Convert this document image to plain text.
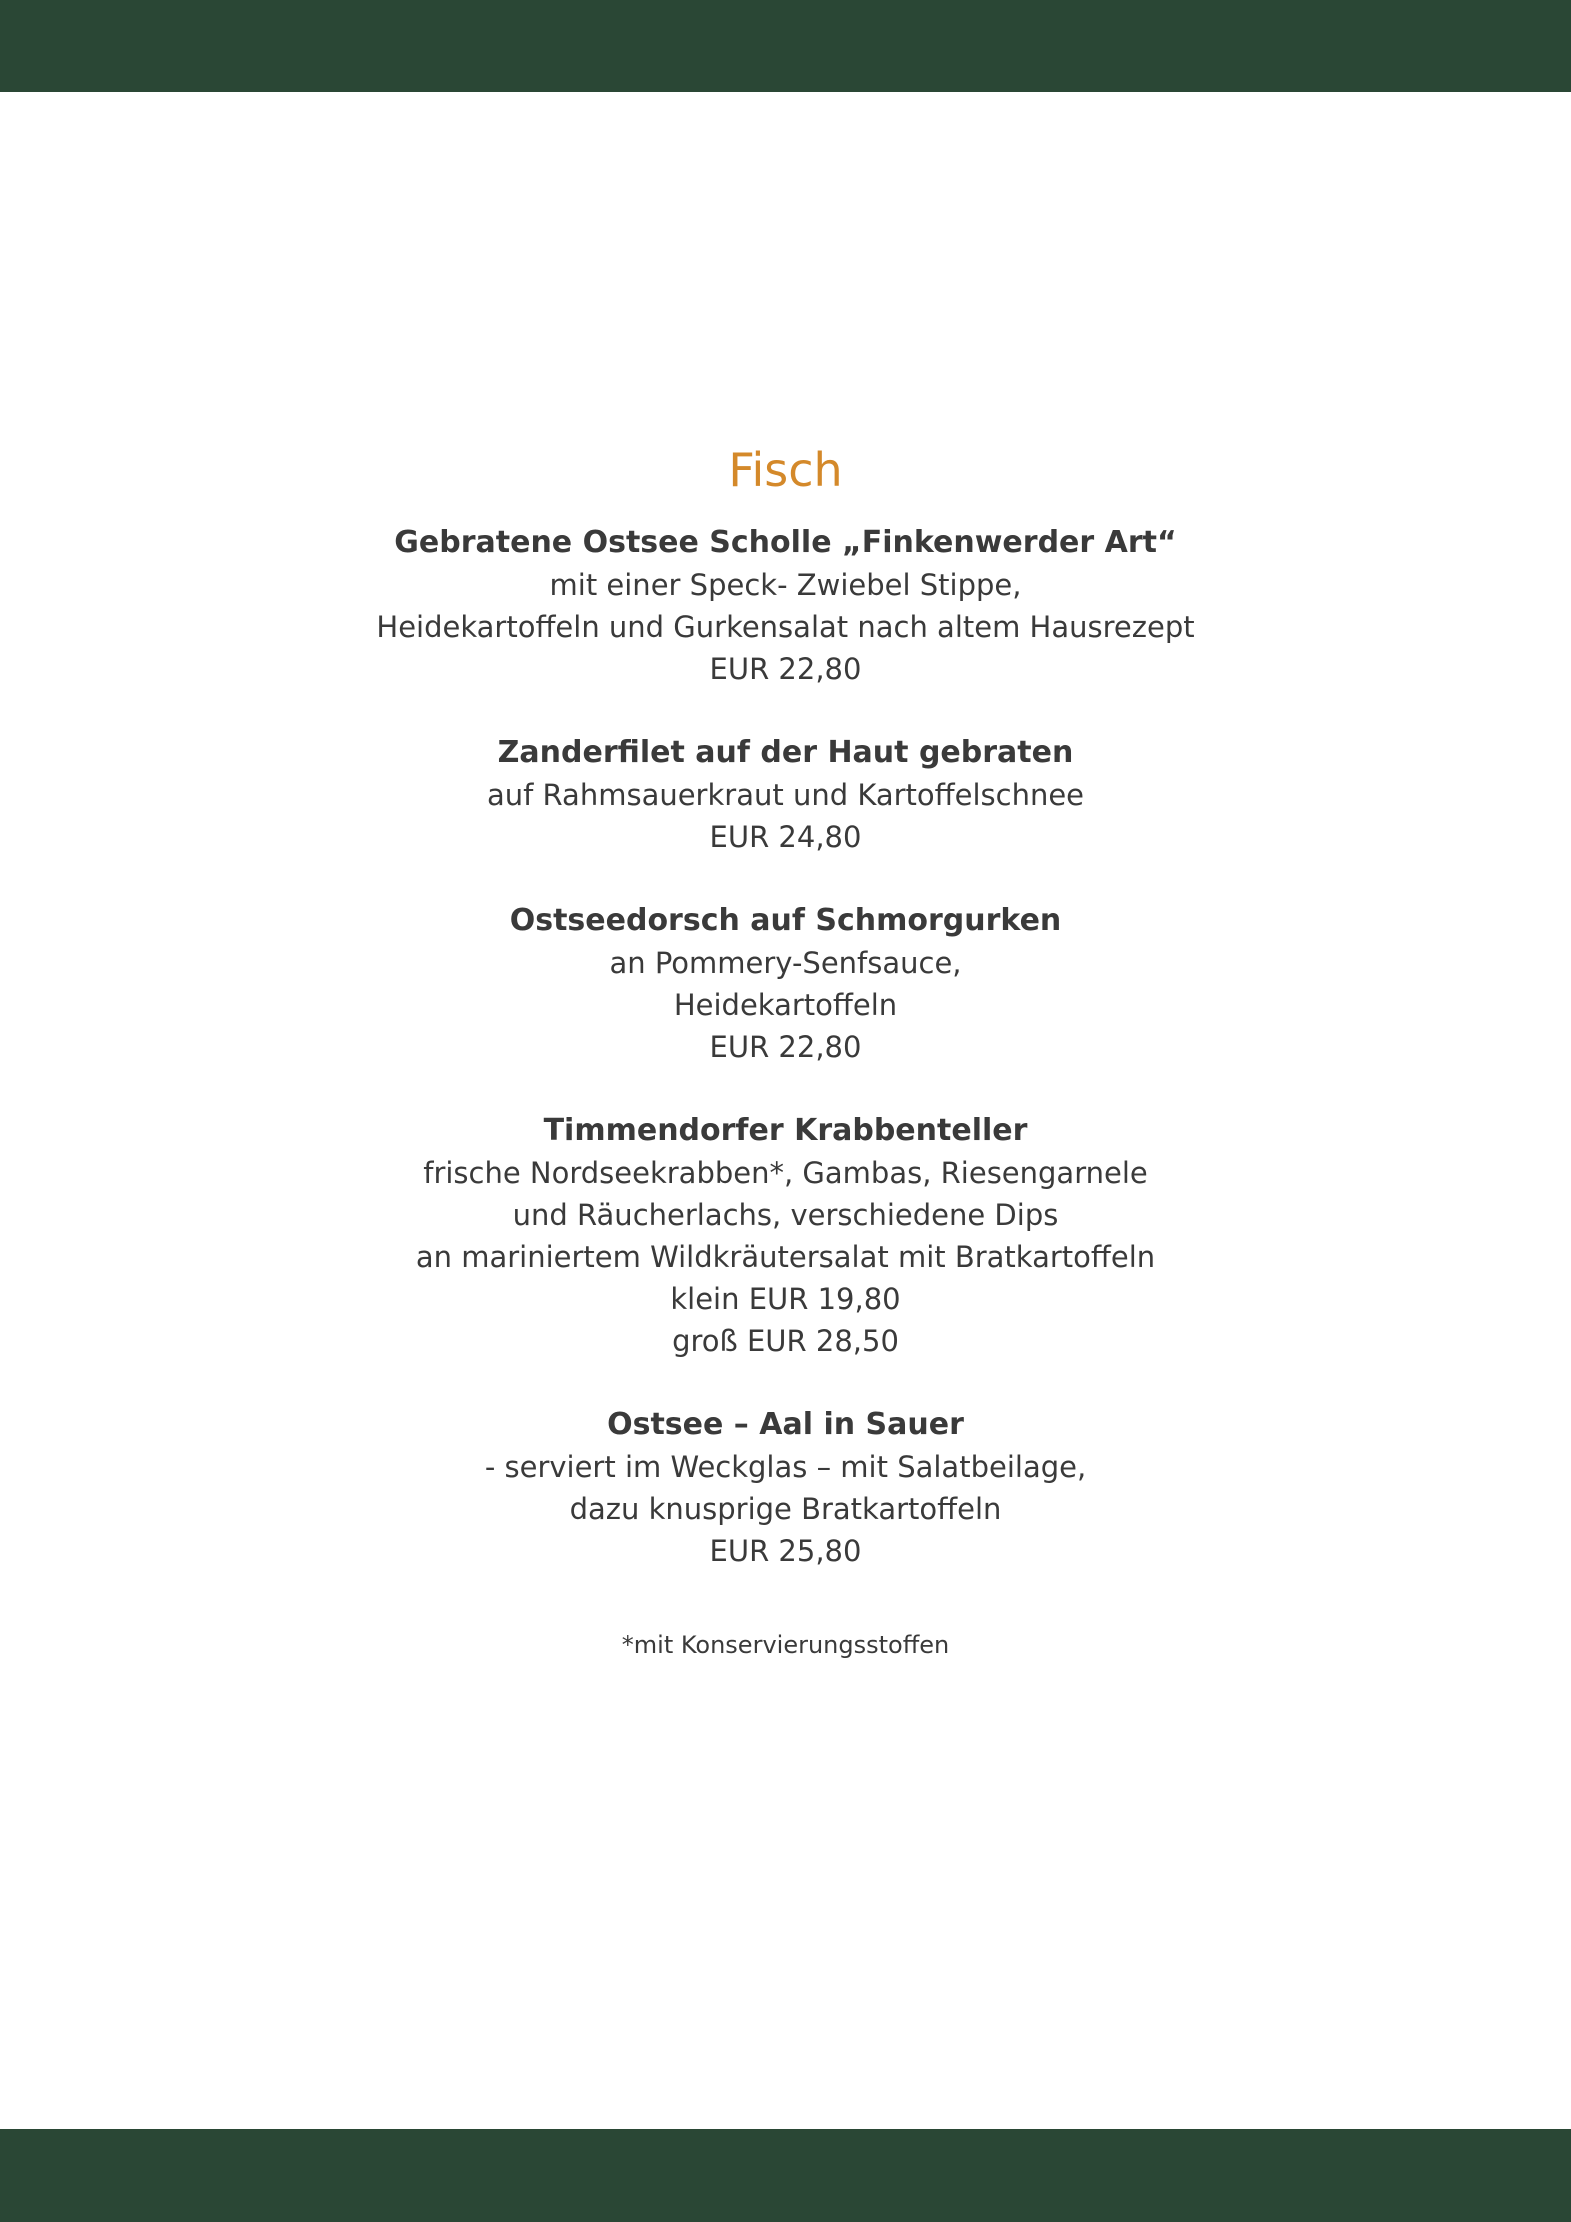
Fisch
Gebratene Ostsee Scholle „Finkenwerder Art“
mit einer Speck- Zwiebel Stippe,
Heidekartoffeln und Gurkensalat nach altem Hausrezept
EUR 22,80
Zanderfilet auf der Haut gebraten
auf Rahmsauerkraut und Kartoffelschnee
EUR 24,80
Ostseedorsch auf Schmorgurken
an Pommery-Senfsauce,
Heidekartoffeln
EUR 22,80
Timmendorfer Krabbenteller
frische Nordseekrabben*, Gambas, Riesengarnele
und Räucherlachs, verschiedene Dips
an mariniertem Wildkräutersalat mit Bratkartoffeln
klein EUR 19,80
groß EUR 28,50
Ostsee – Aal in Sauer
- serviert im Weckglas – mit Salatbeilage,
dazu knusprige Bratkartoffeln
EUR 25,80
*mit Konservierungsstoffen
